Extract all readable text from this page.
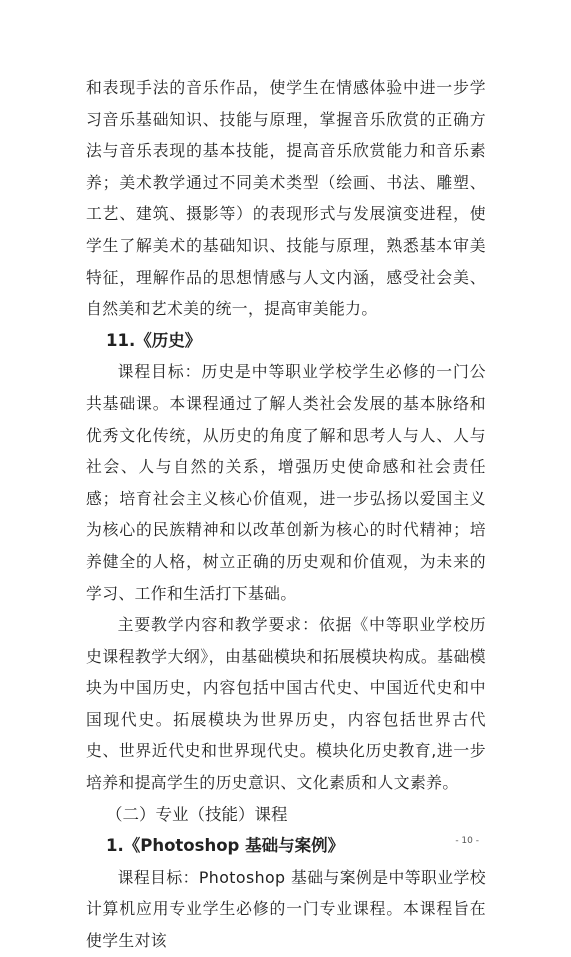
和表现手法的音乐作品，使学生在情感体验中进一步学习音乐基础知识、技能与原理，掌握音乐欣赏的正确方法与音乐表现的基本技能，提高音乐欣赏能力和音乐素养；美术教学通过不同美术类型（绘画、书法、雕塑、工艺、建筑、摄影等）的表现形式与发展演变进程，使学生了解美术的基础知识、技能与原理，熟悉基本审美特征，理解作品的思想情感与人文内涵，感受社会美、自然美和艺术美的统一，提高审美能力。

11.《历史》

课程目标：历史是中等职业学校学生必修的一门公共基础课。本课程通过了解人类社会发展的基本脉络和优秀文化传统，从历史的角度了解和思考人与人、人与社会、人与自然的关系，增强历史使命感和社会责任感；培育社会主义核心价值观，进一步弘扬以爱国主义为核心的民族精神和以改革创新为核心的时代精神；培养健全的人格，树立正确的历史观和价值观，为未来的学习、工作和生活打下基础。

主要教学内容和教学要求：依据《中等职业学校历史课程教学大纲》，由基础模块和拓展模块构成。基础模块为中国历史，内容包括中国古代史、中国近代史和中国现代史。拓展模块为世界历史，内容包括世界古代史、世界近代史和世界现代史。模块化历史教育,进一步培养和提高学生的历史意识、文化素质和人文素养。

（二）专业（技能）课程

1.《Photoshop 基础与案例》

课程目标：Photoshop 基础与案例是中等职业学校计算机应用专业学生必修的一门专业课程。本课程旨在使学生对该

- 10 -
